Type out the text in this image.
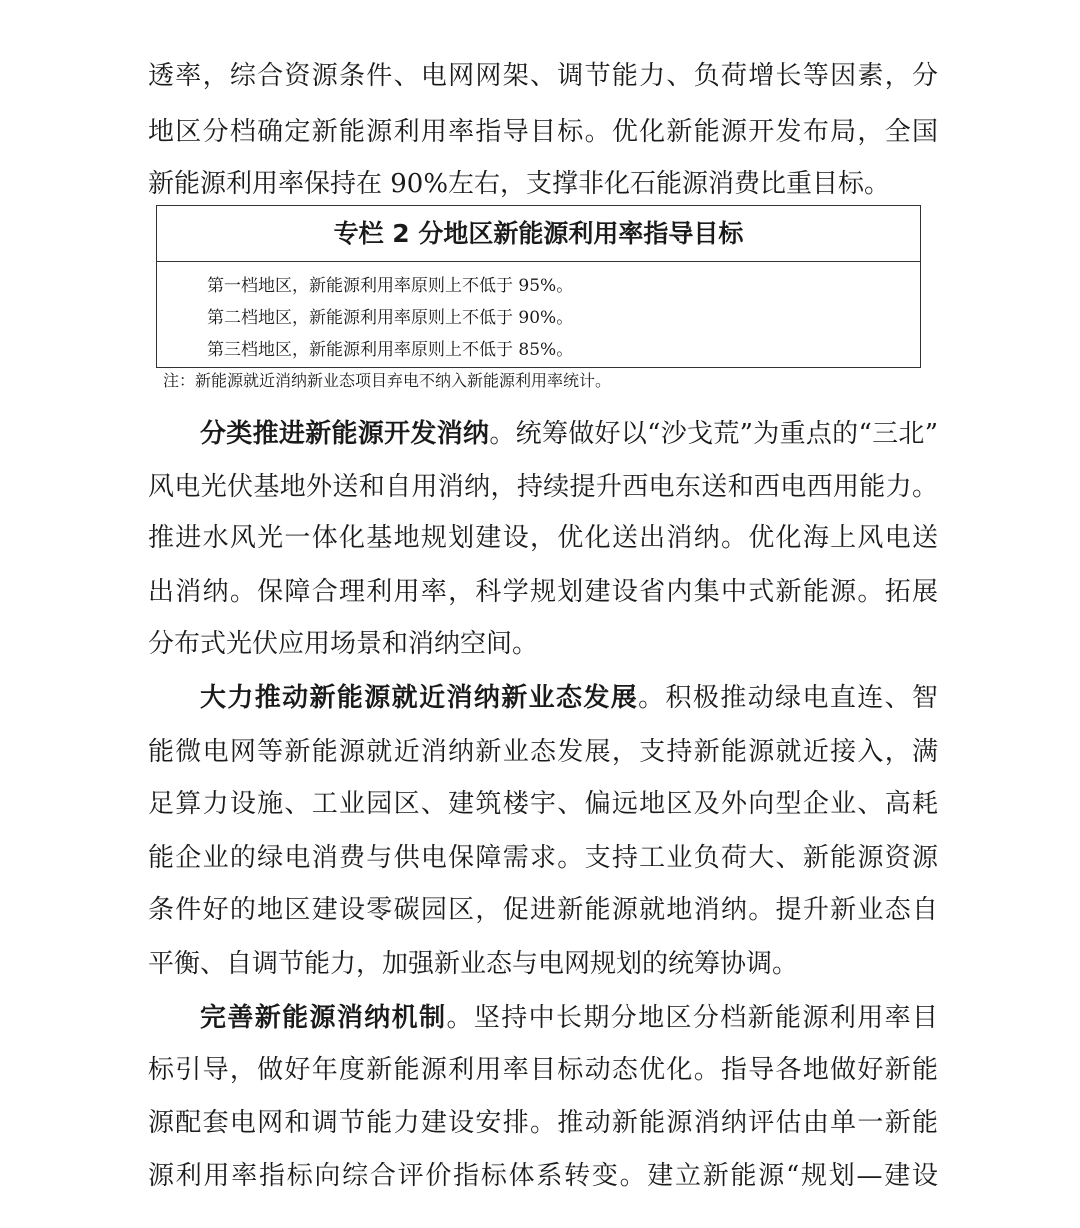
透率，综合资源条件、电网网架、调节能力、负荷增长等因素，分
地区分档确定新能源利用率指导目标。优化新能源开发布局，全国
新能源利用率保持在 90%左右，支撑非化石能源消费比重目标。
专栏 2 分地区新能源利用率指导目标
第一档地区，新能源利用率原则上不低于 95%。
第二档地区，新能源利用率原则上不低于 90%。
第三档地区，新能源利用率原则上不低于 85%。
注：新能源就近消纳新业态项目弃电不纳入新能源利用率统计。
分类推进新能源开发消纳。统筹做好以“沙戈荒”为重点的“三北”
风电光伏基地外送和自用消纳，持续提升西电东送和西电西用能力。
推进水风光一体化基地规划建设，优化送出消纳。优化海上风电送
出消纳。保障合理利用率，科学规划建设省内集中式新能源。拓展
分布式光伏应用场景和消纳空间。
大力推动新能源就近消纳新业态发展。积极推动绿电直连、智
能微电网等新能源就近消纳新业态发展，支持新能源就近接入，满
足算力设施、工业园区、建筑楼宇、偏远地区及外向型企业、高耗
能企业的绿电消费与供电保障需求。支持工业负荷大、新能源资源
条件好的地区建设零碳园区，促进新能源就地消纳。提升新业态自
平衡、自调节能力，加强新业态与电网规划的统筹协调。
完善新能源消纳机制。坚持中长期分地区分档新能源利用率目
标引导，做好年度新能源利用率目标动态优化。指导各地做好新能
源配套电网和调节能力建设安排。推动新能源消纳评估由单一新能
源利用率指标向综合评价指标体系转变。建立新能源“规划—建设
